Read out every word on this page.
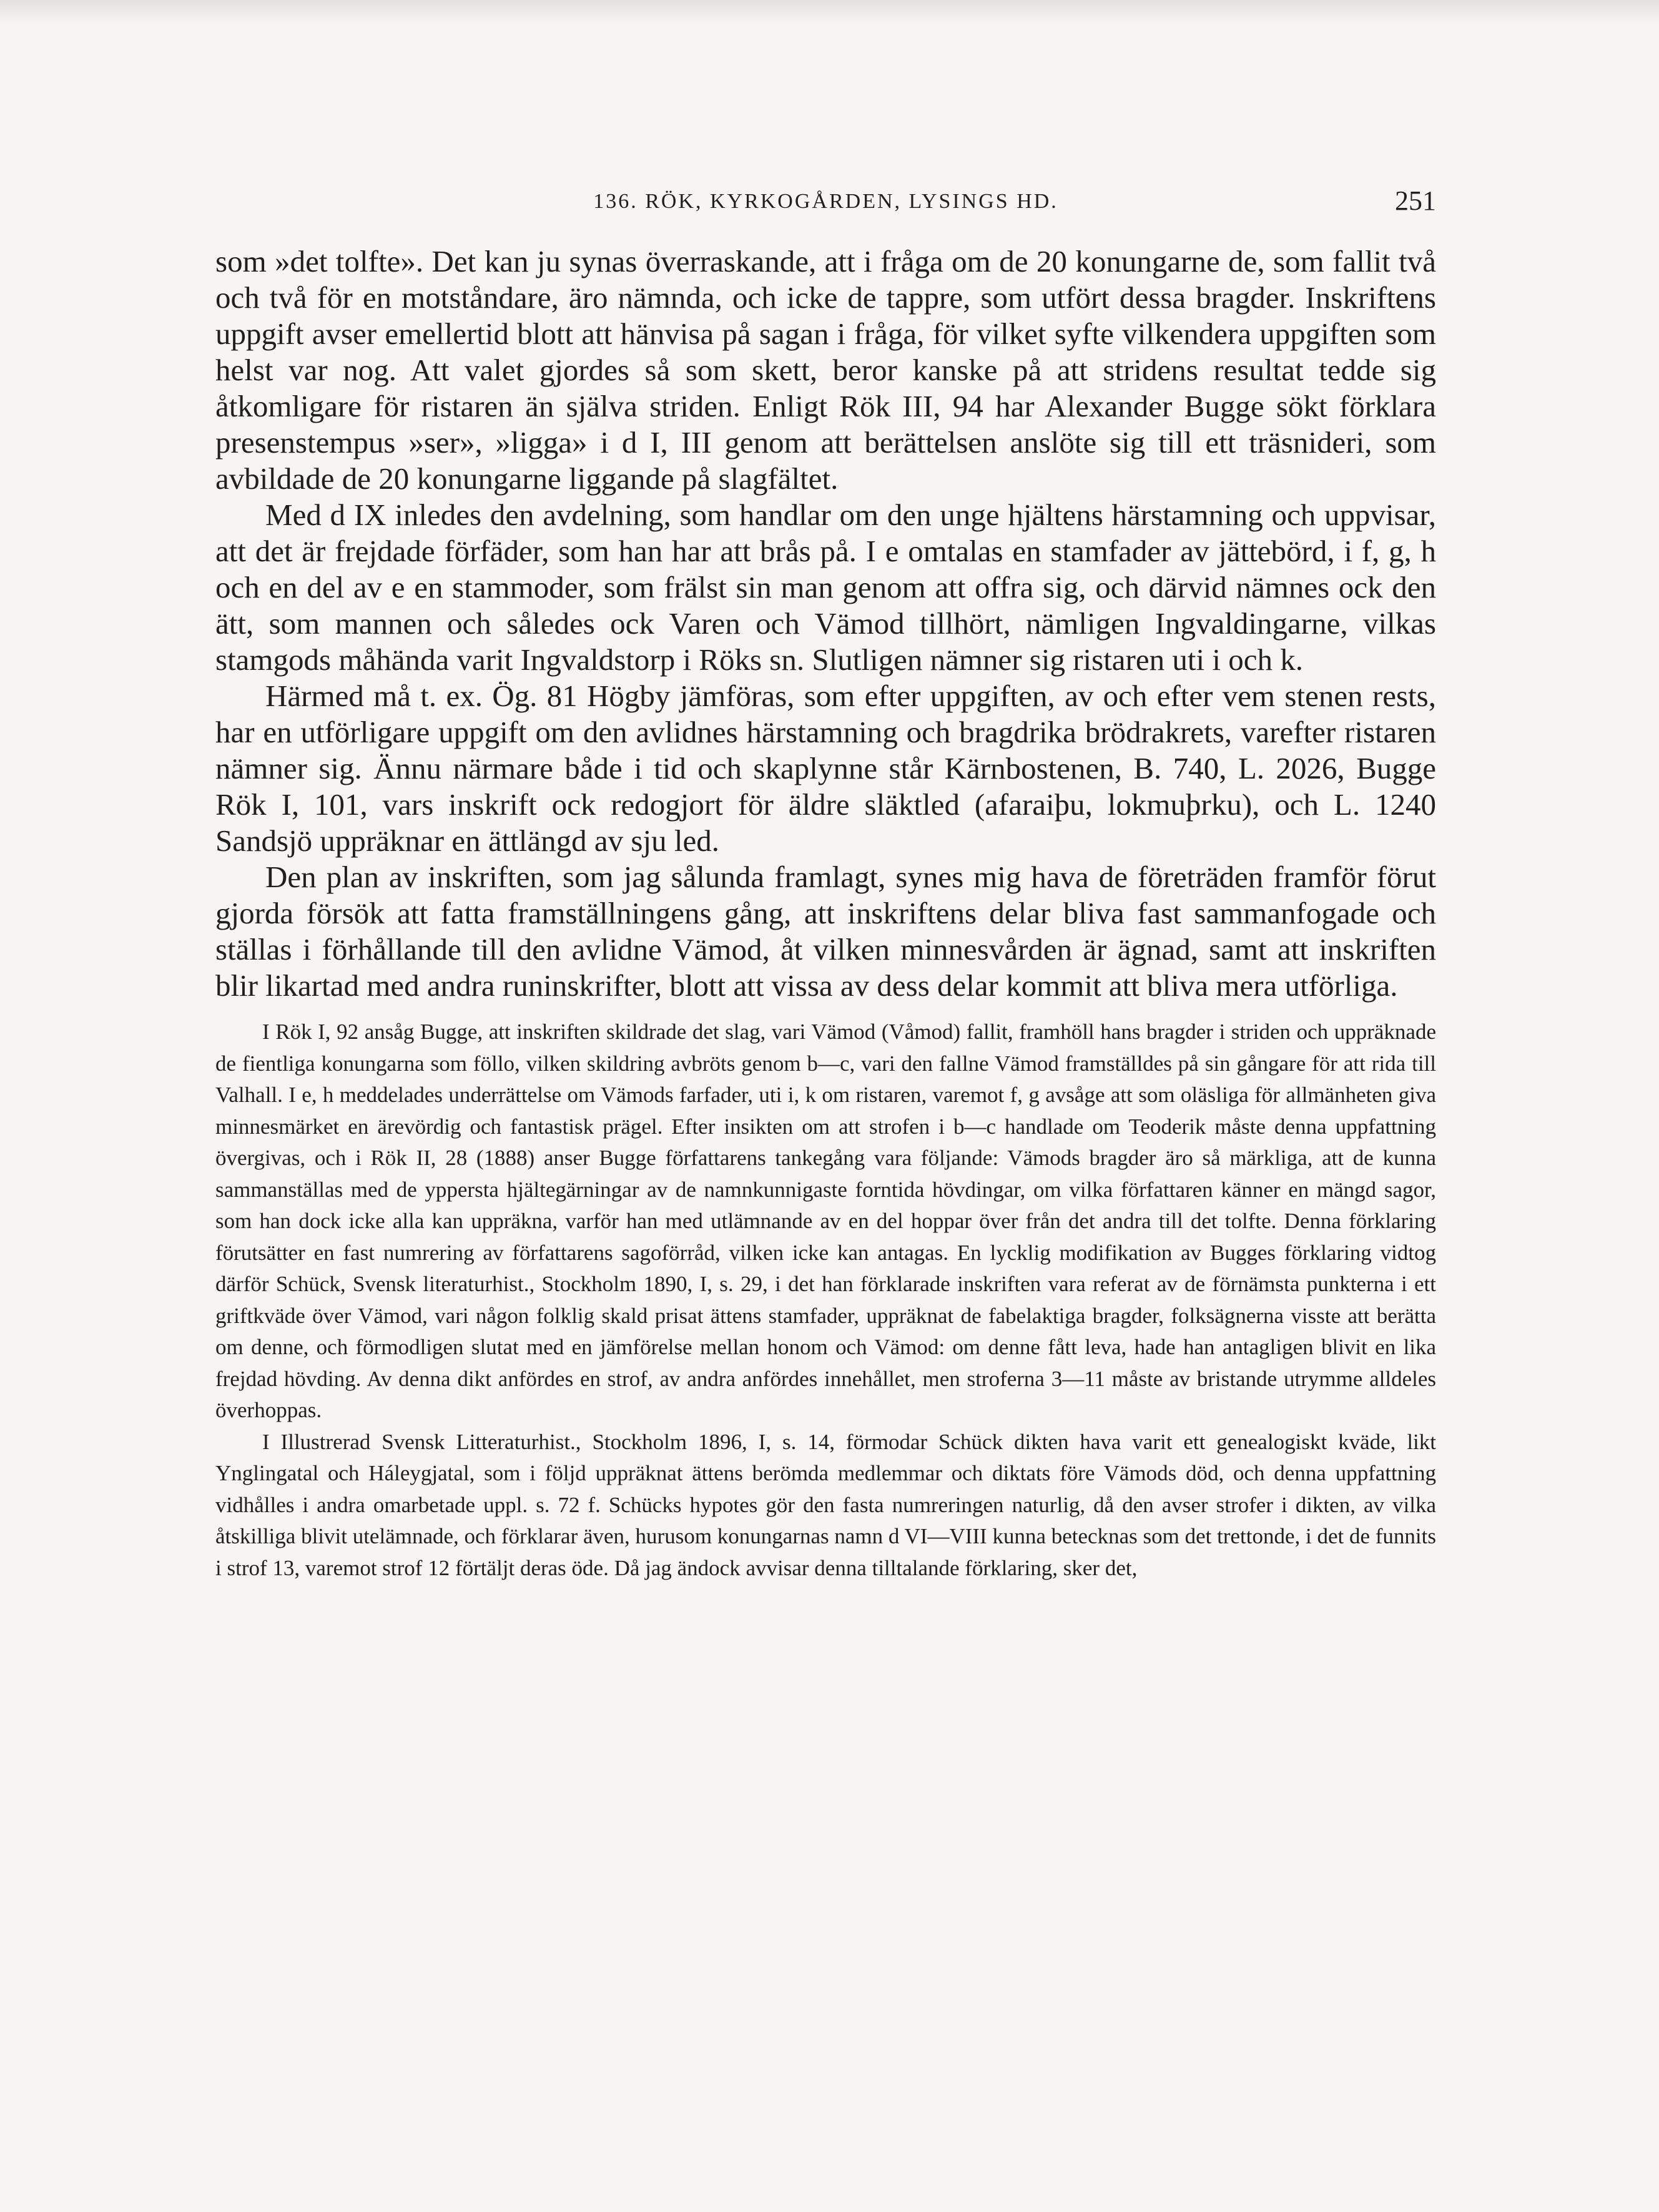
136. RÖK, KYRKOGÅRDEN, LYSINGS HD.	251

som »det tolfte». Det kan ju synas överraskande, att i fråga om de 20 konungarne de, som fallit två och två för en motståndare, äro nämnda, och icke de tappre, som utfört dessa bragder. Inskriftens uppgift avser emellertid blott att hänvisa på sagan i fråga, för vilket syfte vilkendera uppgiften som helst var nog. Att valet gjordes så som skett, beror kanske på att stridens resultat tedde sig åtkomligare för ristaren än själva striden. Enligt Rök III, 94 har Alexander Bugge sökt förklara presenstempus »ser», »ligga» i d I, III genom att berättelsen anslöte sig till ett träsnideri, som avbildade de 20 konungarne liggande på slagfältet.

Med d IX inledes den avdelning, som handlar om den unge hjältens härstamning och uppvisar, att det är frejdade förfäder, som han har att brås på. I e omtalas en stamfader av jättebörd, i f, g, h och en del av e en stammoder, som frälst sin man genom att offra sig, och därvid nämnes ock den ätt, som mannen och således ock Varen och Vämod tillhört, nämligen Ingvaldingarne, vilkas stamgods måhända varit Ingvaldstorp i Röks sn. Slutligen nämner sig ristaren uti i och k.

Härmed må t. ex. Ög. 81 Högby jämföras, som efter uppgiften, av och efter vem stenen rests, har en utförligare uppgift om den avlidnes härstamning och bragdrika brödrakrets, varefter ristaren nämner sig. Ännu närmare både i tid och skaplynne står Kärnbostenen, B. 740, L. 2026, Bugge Rök I, 101, vars inskrift ock redogjort för äldre släktled (afaraiþu, lokmuþrku), och L. 1240 Sandsjö uppräknar en ättlängd av sju led.

Den plan av inskriften, som jag sålunda framlagt, synes mig hava de företräden framför förut gjorda försök att fatta framställningens gång, att inskriftens delar bliva fast sammanfogade och ställas i förhållande till den avlidne Vämod, åt vilken minnesvården är ägnad, samt att inskriften blir likartad med andra runinskrifter, blott att vissa av dess delar kommit att bliva mera utförliga.

I Rök I, 92 ansåg Bugge, att inskriften skildrade det slag, vari Vämod (Våmod) fallit, framhöll hans bragder i striden och uppräknade de fientliga konungarna som föllo, vilken skildring avbröts genom b—c, vari den fallne Vämod framställdes på sin gångare för att rida till Valhall. I e, h meddelades underrättelse om Vämods farfader, uti i, k om ristaren, varemot f, g avsåge att som oläsliga för allmänheten giva minnesmärket en ärevördig och fantastisk prägel. Efter insikten om att strofen i b—c handlade om Teoderik måste denna uppfattning övergivas, och i Rök II, 28 (1888) anser Bugge författarens tankegång vara följande: Vämods bragder äro så märkliga, att de kunna sammanställas med de yppersta hjältegärningar av de namnkunnigaste forntida hövdingar, om vilka författaren känner en mängd sagor, som han dock icke alla kan uppräkna, varför han med utlämnande av en del hoppar över från det andra till det tolfte. Denna förklaring förutsätter en fast numrering av författarens sagoförråd, vilken icke kan antagas. En lycklig modifikation av Bugges förklaring vidtog därför Schück, Svensk literaturhist., Stockholm 1890, I, s. 29, i det han förklarade inskriften vara referat av de förnämsta punkterna i ett griftkväde över Vämod, vari någon folklig skald prisat ättens stamfader, uppräknat de fabelaktiga bragder, folksägnerna visste att berätta om denne, och förmodligen slutat med en jämförelse mellan honom och Vämod: om denne fått leva, hade han antagligen blivit en lika frejdad hövding. Av denna dikt anfördes en strof, av andra anfördes innehållet, men stroferna 3—11 måste av bristande utrymme alldeles överhoppas.

I Illustrerad Svensk Litteraturhist., Stockholm 1896, I, s. 14, förmodar Schück dikten hava varit ett genealogiskt kväde, likt Ynglingatal och Háleygjatal, som i följd uppräknat ättens berömda medlemmar och diktats före Vämods död, och denna uppfattning vidhålles i andra omarbetade uppl. s. 72 f. Schücks hypotes gör den fasta numreringen naturlig, då den avser strofer i dikten, av vilka åtskilliga blivit utelämnade, och förklarar även, hurusom konungarnas namn d VI—VIII kunna betecknas som det trettonde, i det de funnits i strof 13, varemot strof 12 förtäljt deras öde. Då jag ändock avvisar denna tilltalande förklaring, sker det,
